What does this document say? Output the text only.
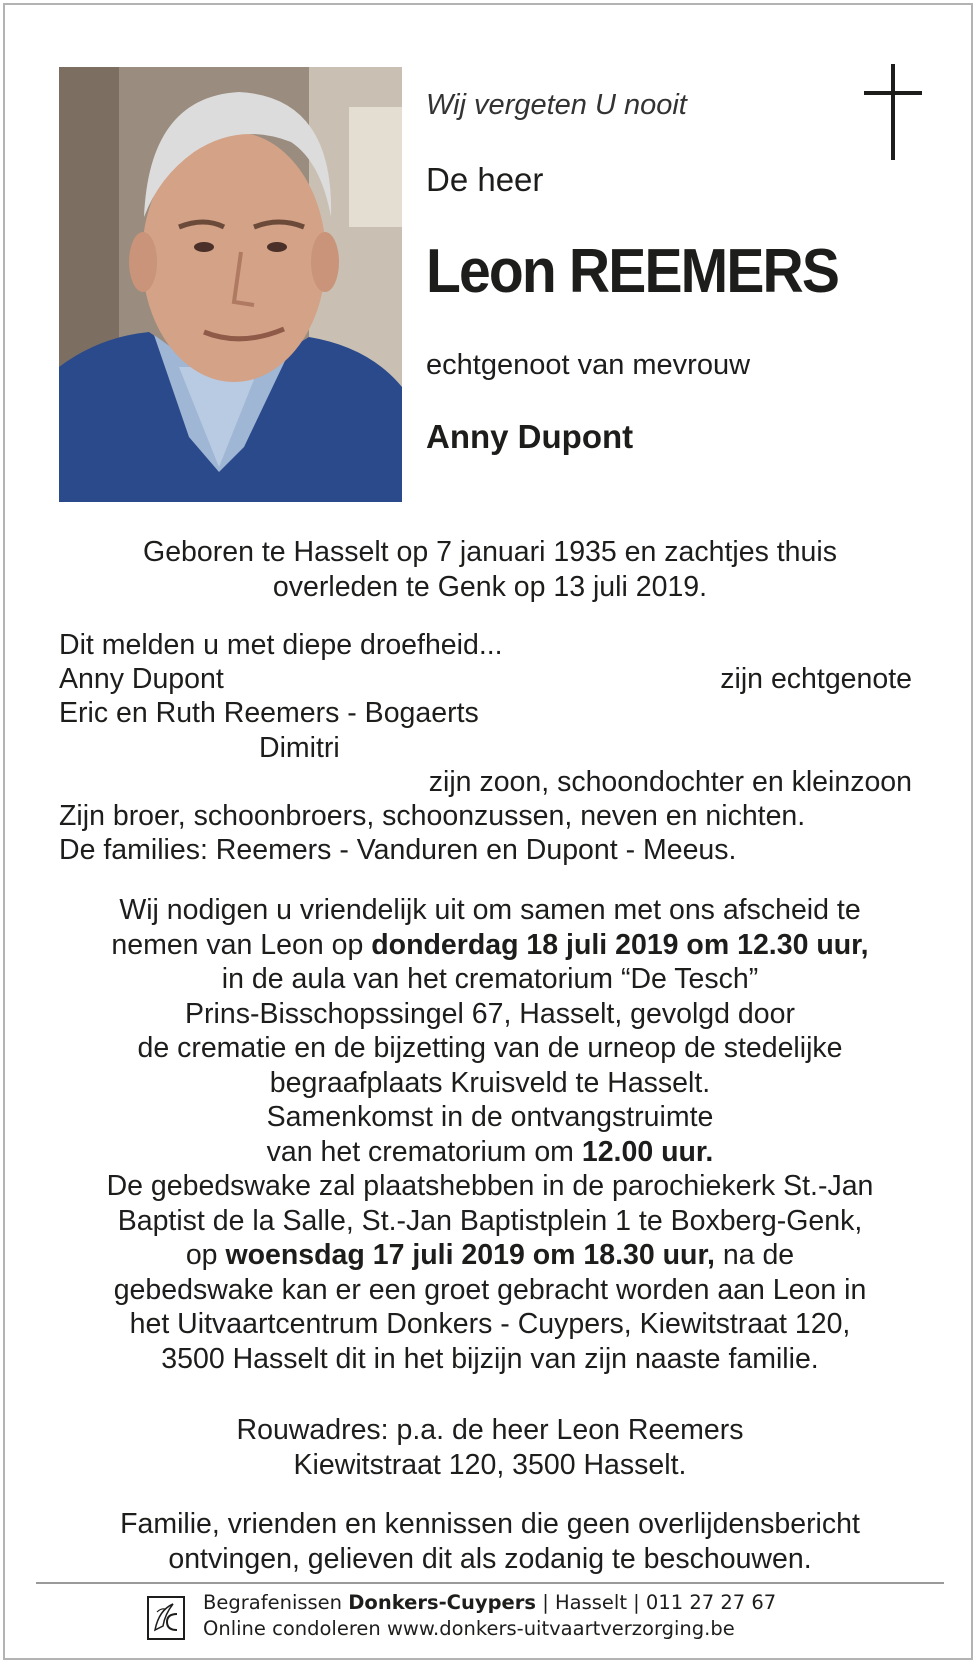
Wij vergeten U nooit
De heer
Leon REEMERS
echtgenoot van mevrouw
Anny Dupont
Geboren te Hasselt op 7 januari 1935 en zachtjes thuis
overleden te Genk op 13 juli 2019.
Dit melden u met diepe droefheid...
Anny Dupont	zijn echtgenote
Eric en Ruth Reemers - Bogaerts
Dimitri
zijn zoon, schoondochter en kleinzoon
Zijn broer, schoonbroers, schoonzussen, neven en nichten.
De families: Reemers - Vanduren en Dupont - Meeus.
Wij nodigen u vriendelijk uit om samen met ons afscheid te
nemen van Leon op donderdag 18 juli 2019 om 12.30 uur,
in de aula van het crematorium “De Tesch”
Prins-Bisschopssingel 67, Hasselt, gevolgd door
de crematie en de bijzetting van de urneop de stedelijke
begraafplaats Kruisveld te Hasselt.
Samenkomst in de ontvangstruimte
van het crematorium om 12.00 uur.
De gebedswake zal plaatshebben in de parochiekerk St.-Jan
Baptist de la Salle, St.-Jan Baptistplein 1 te Boxberg-Genk,
op woensdag 17 juli 2019 om 18.30 uur, na de
gebedswake kan er een groet gebracht worden aan Leon in
het Uitvaartcentrum Donkers - Cuypers, Kiewitstraat 120,
3500 Hasselt dit in het bijzijn van zijn naaste familie.
Rouwadres: p.a. de heer Leon Reemers
Kiewitstraat 120, 3500 Hasselt.
Familie, vrienden en kennissen die geen overlijdensbericht
ontvingen, gelieven dit als zodanig te beschouwen.
Begrafenissen Donkers-Cuypers | Hasselt | 011 27 27 67
Online condoleren www.donkers-uitvaartverzorging.be
